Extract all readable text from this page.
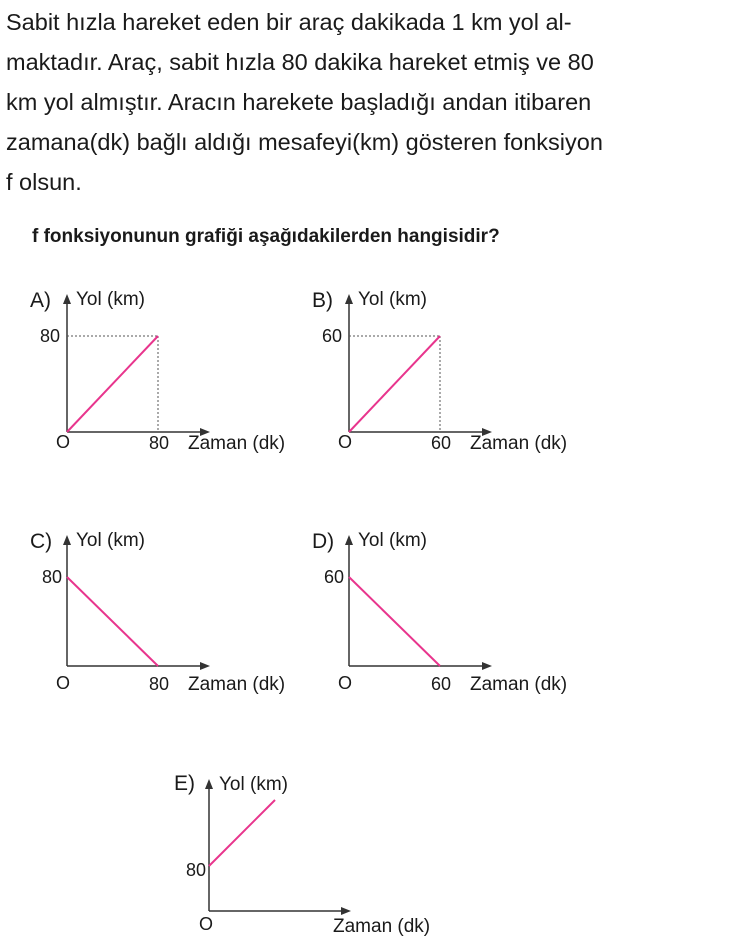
Sabit hızla hareket eden bir araç dakikada 1 km yol al-
maktadır. Araç, sabit hızla 80 dakika hareket etmiş ve 80
km yol almıştır. Aracın harekete başladığı andan itibaren
zamana(dk) bağlı aldığı mesafeyi(km) gösteren fonksiyon
f olsun.

f fonksiyonunun grafiği aşağıdakilerden hangisidir?

A) Yol (km)
80
O	80 Zaman (dk)
B) Yol (km)
60
O	60 Zaman (dk)
C) Yol (km)
80
O	80 Zaman (dk)
D) Yol (km)
60
O	60 Zaman (dk)
E) Yol (km)
80
O	Zaman (dk)
